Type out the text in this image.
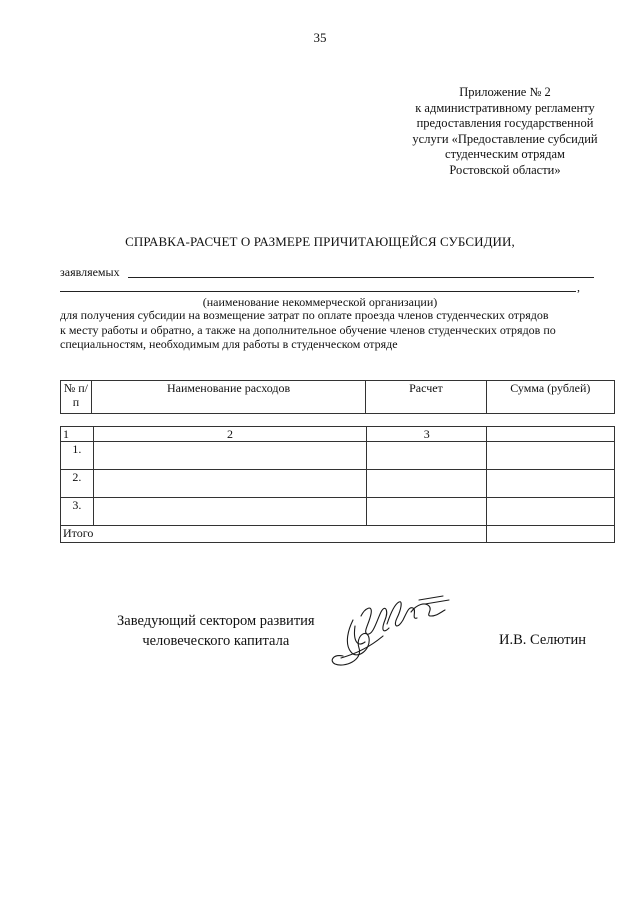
35
Приложение № 2
к административному регламенту
предоставления государственной
услуги «Предоставление субсидий
студенческим отрядам
Ростовской области»
СПРАВКА-РАСЧЕТ О РАЗМЕРЕ ПРИЧИТАЮЩЕЙСЯ СУБСИДИИ,
заявляемых
,
(наименование некоммерческой организации)
для получения субсидии на возмещение затрат по оплате проезда членов студенческих отрядов
к месту работы и обратно, а также на дополнительное обучение членов студенческих отрядов по
специальностям, необходимым для работы в студенческом отряде
№ п/п	Наименование расходов	Расчет	Сумма (рублей)
1	2	3	
1.			
2.			
3.			
Итого			
Заведующий сектором развития
человеческого капитала	И.В. Селютин
